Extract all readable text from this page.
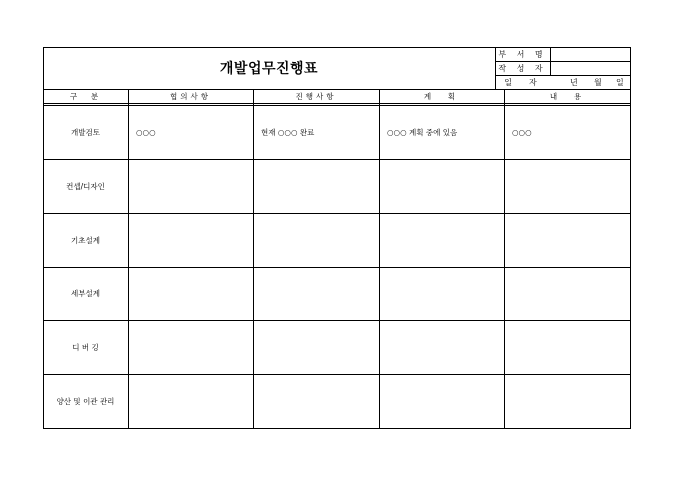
개발업무진행표
부 서 명
작 성 자
일  자	년 월 일
구  분	협의사항	진행사항	계  획	내  용
개발검토	○○○	현재 ○○○ 완료	○○○ 계획 중에 있음	○○○
컨셉/디자인
기초설계
세부설계
디 버 깅
양산 및 이관 관리
